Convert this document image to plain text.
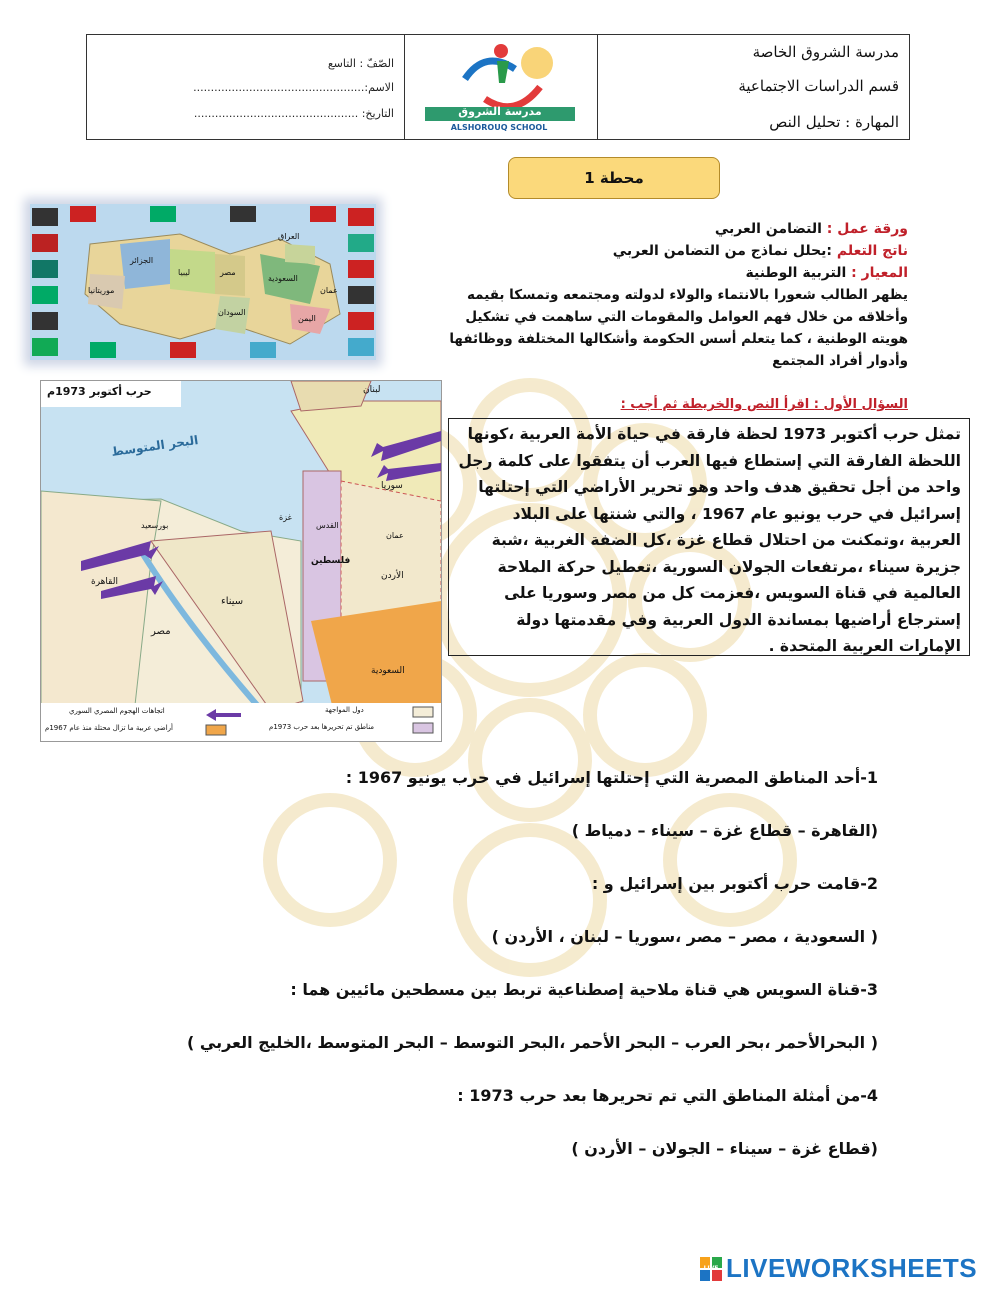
مدرسة الشروق الخاصة
قسم الدراسات الاجتماعية
المهارة : تحليل النص
مدرسة الشروق
ALSHOROUQ SCHOOL
الصّفّ : التاسع
الاسم:.................................................
التاريخ: ...............................................
محطة 1
العراق
الجزائر
ليبيا	مصر
السعودية
السودان
موريتانيا
اليمن
عمان
ورقة عمل : التضامن العربي
ناتج التعلم :يحلل نماذج من التضامن العربي
المعيار : التربية الوطنية
يظهر الطالب شعورا بالانتماء والولاء لدولته ومجتمعه وتمسكا بقيمه وأخلاقه من خلال فهم العوامل والمقومات التي ساهمت في تشكيل هويته الوطنية ، كما يتعلم أسس الحكومة وأشكالها المختلفة ووظائفها وأدوار أفراد المجتمع
حرب أكتوبر 1973م
البحر المتوسط
لبنان
سوريا
فلسطين
الأردن
عمان
القاهرة
سيناء
مصر
السعودية
بورسعيد
غزة
القدس
دول المواجهة
مناطق تم تحريرها بعد حرب 1973م
اتجاهات الهجوم المصري السوري
أراضي عربية ما تزال محتلة منذ عام 1967م
السؤال الأول : اقرأ النص والخريطة ثم أجب :
تمثل حرب أكتوبر 1973 لحظة فارقة في حياة الأمة العربية ،كونها اللحظة الفارقة التي إستطاع فيها العرب أن يتفقوا على كلمة رجل واحد من أجل تحقيق هدف واحد وهو تحرير الأراضي التي إحتلتها إسرائيل في حرب يونيو عام 1967 ، والتي شنتها على البلاد العربية ،وتمكنت من احتلال قطاع غزة ،كل الضفة الغربية ،شبة جزيرة سيناء ،مرتفعات الجولان السورية ،تعطيل حركة الملاحة العالمية في قناة السويس ،فعزمت كل من مصر وسوريا على إسترجاع أراضيها بمساندة الدول العربية وفي مقدمتها دولة الإمارات العربية المتحدة .
1-أحد المناطق المصرية التي إحتلتها إسرائيل في حرب يونيو 1967 :
(القاهرة – قطاع غزة – سيناء – دمياط )
2-قامت حرب أكتوبر بين إسرائيل و :
( السعودية ، مصر – مصر ،سوريا – لبنان ، الأردن )
3-قناة السويس هي قناة ملاحية إصطناعية تربط بين مسطحين مائيين هما :
( البحرالأحمر ،بحر العرب – البحر الأحمر ،البحر التوسط – البحر المتوسط ،الخليج العربي )
4-من أمثلة المناطق التي تم تحريرها بعد حرب 1973 :
(قطاع غزة – سيناء – الجولان – الأردن )
LIVE LIVEWORKSHEETS
